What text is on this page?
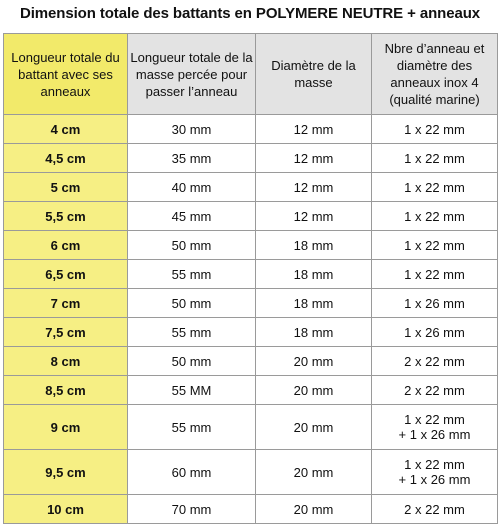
Dimension totale des battants en POLYMERE NEUTRE + anneaux
Longueur totale du battant avec ses anneaux	Longueur totale de la masse percée pour passer l’anneau	Diamètre de la masse	Nbre d’anneau et diamètre des anneaux inox 4 (qualité marine)
4 cm	30 mm	12 mm	1 x 22 mm

4,5 cm	35 mm	12 mm	1 x 22 mm

5 cm	40 mm	12 mm	1 x 22 mm

5,5 cm	45 mm	12 mm	1 x 22 mm

6 cm	50 mm	18 mm	1 x 22 mm

6,5 cm	55 mm	18 mm	1 x 22 mm

7 cm	50 mm	18 mm	1 x 26 mm

7,5 cm	55 mm	18 mm	1 x 26 mm

8 cm	50 mm	20 mm	2 x 22 mm

8,5 cm	55 MM	20 mm	2 x 22 mm

9 cm	55 mm	20 mm	1 x 22 mm
+ 1 x 26 mm

9,5 cm	60 mm	20 mm	1 x 22 mm
+ 1 x 26 mm

10 cm	70 mm	20 mm	2 x 22 mm
